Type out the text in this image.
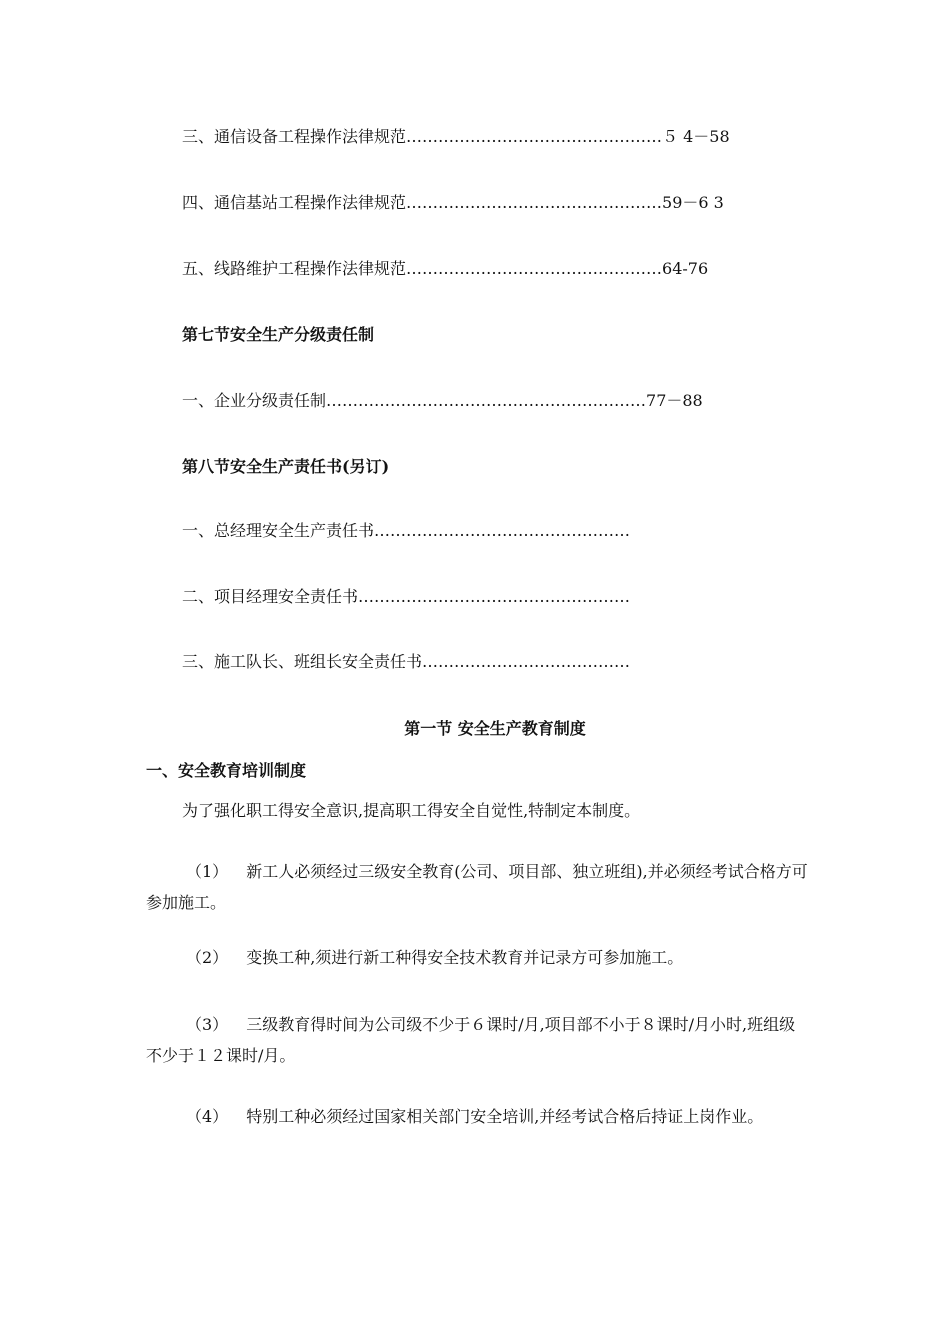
三、通信设备工程操作法律规范…………………………………………５ 4－58
四、通信基站工程操作法律规范…………………………………………59－6 3
五、线路维护工程操作法律规范…………………………………………64-76
第七节安全生产分级责任制
一、企业分级责任制……………………………………………………77－88
第八节安全生产责任书(另订)
一、总经理安全生产责任书…………………………………………
二、项目经理安全责任书……………………………………………
三、施工队长、班组长安全责任书…………………………………
第一节 安全生产教育制度
一、安全教育培训制度
为了强化职工得安全意识,提高职工得安全自觉性,特制定本制度。
（1） 新工人必须经过三级安全教育(公司、项目部、独立班组),并必须经考试合格方可参加施工。
（2） 变换工种,须进行新工种得安全技术教育并记录方可参加施工。
（3） 三级教育得时间为公司级不少于６课时/月,项目部不小于８课时/月小时,班组级不少于１２课时/月。
（4） 特别工种必须经过国家相关部门安全培训,并经考试合格后持证上岗作业。
